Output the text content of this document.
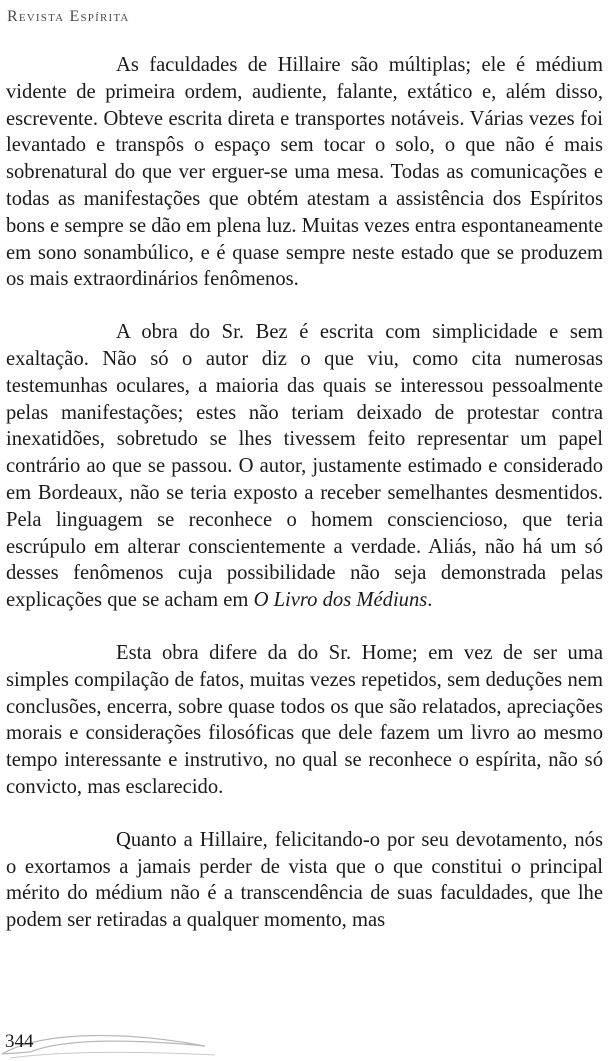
Revista Espírita

As faculdades de Hillaire são múltiplas; ele é médium vidente de primeira ordem, audiente, falante, extático e, além disso, escrevente. Obteve escrita direta e transportes notáveis. Várias vezes foi levantado e transpôs o espaço sem tocar o solo, o que não é mais sobrenatural do que ver erguer-se uma mesa. Todas as comunicações e todas as manifestações que obtém atestam a assistência dos Espíritos bons e sempre se dão em plena luz. Muitas vezes entra espontaneamente em sono sonambúlico, e é quase sempre neste estado que se produzem os mais extraordinários fenômenos.

A obra do Sr. Bez é escrita com simplicidade e sem exaltação. Não só o autor diz o que viu, como cita numerosas testemunhas oculares, a maioria das quais se interessou pessoalmente pelas manifestações; estes não teriam deixado de protestar contra inexatidões, sobretudo se lhes tivessem feito representar um papel contrário ao que se passou. O autor, justamente estimado e considerado em Bordeaux, não se teria exposto a receber semelhantes desmentidos. Pela linguagem se reconhece o homem consciencioso, que teria escrúpulo em alterar conscientemente a verdade. Aliás, não há um só desses fenômenos cuja possibilidade não seja demonstrada pelas explicações que se acham em O Livro dos Médiuns.

Esta obra difere da do Sr. Home; em vez de ser uma simples compilação de fatos, muitas vezes repetidos, sem deduções nem conclusões, encerra, sobre quase todos os que são relatados, apreciações morais e considerações filosóficas que dele fazem um livro ao mesmo tempo interessante e instrutivo, no qual se reconhece o espírita, não só convicto, mas esclarecido.

Quanto a Hillaire, felicitando-o por seu devotamento, nós o exortamos a jamais perder de vista que o que constitui o principal mérito do médium não é a transcendência de suas faculdades, que lhe podem ser retiradas a qualquer momento, mas

344
